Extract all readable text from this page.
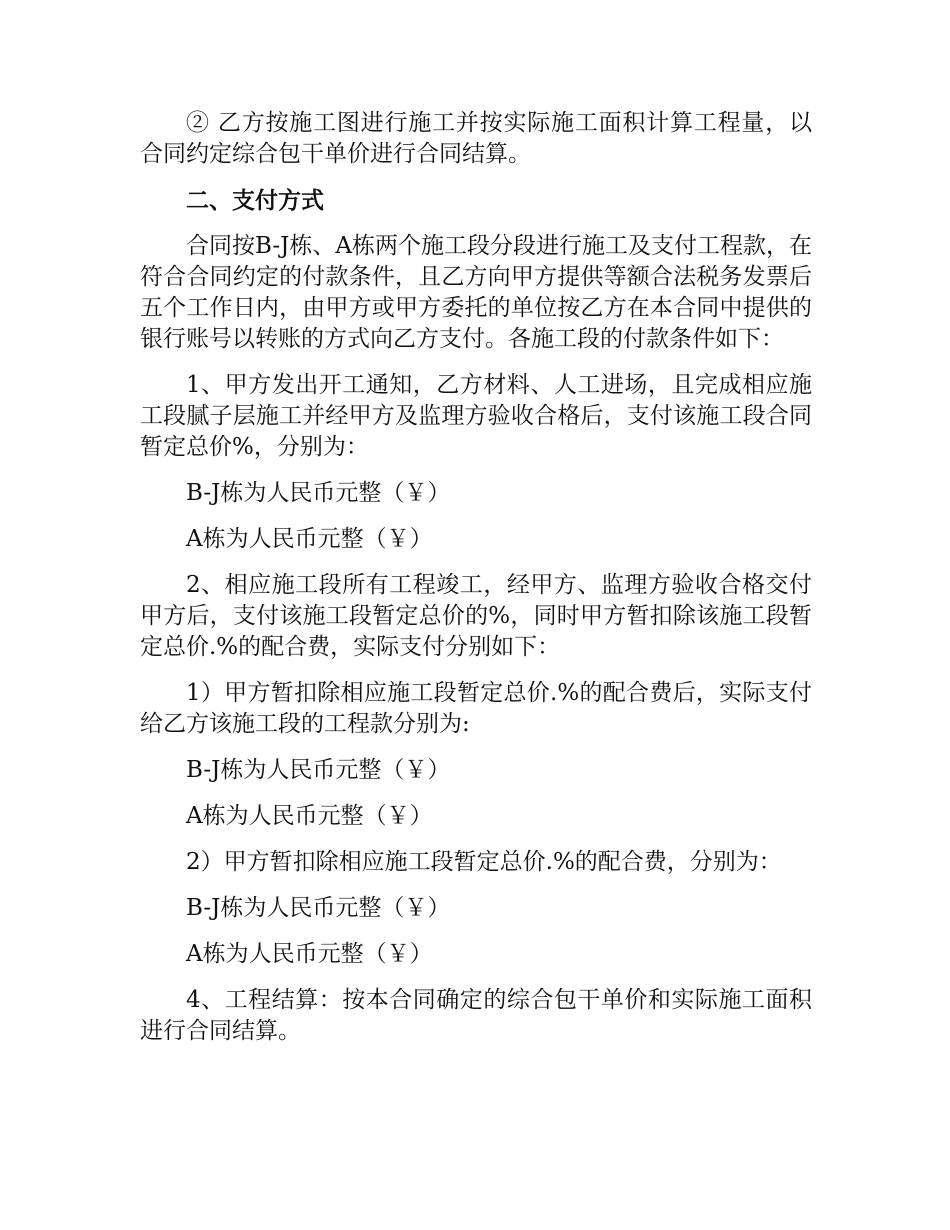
② 乙方按施工图进行施工并按实际施工面积计算工程量，以合同约定综合包干单价进行合同结算。

二、支付方式

合同按B-J栋、A栋两个施工段分段进行施工及支付工程款，在符合合同约定的付款条件，且乙方向甲方提供等额合法税务发票后五个工作日内，由甲方或甲方委托的单位按乙方在本合同中提供的银行账号以转账的方式向乙方支付。各施工段的付款条件如下：

1、甲方发出开工通知，乙方材料、人工进场，且完成相应施工段腻子层施工并经甲方及监理方验收合格后，支付该施工段合同暂定总价%，分别为：

B-J栋为人民币元整（￥）

A栋为人民币元整（￥）

2、相应施工段所有工程竣工，经甲方、监理方验收合格交付甲方后，支付该施工段暂定总价的%，同时甲方暂扣除该施工段暂定总价.%的配合费，实际支付分别如下：

1）甲方暂扣除相应施工段暂定总价.%的配合费后，实际支付给乙方该施工段的工程款分别为:

B-J栋为人民币元整（￥）

A栋为人民币元整（￥）

2）甲方暂扣除相应施工段暂定总价.%的配合费，分别为：

B-J栋为人民币元整（￥）

A栋为人民币元整（￥）

4、工程结算：按本合同确定的综合包干单价和实际施工面积进行合同结算。
